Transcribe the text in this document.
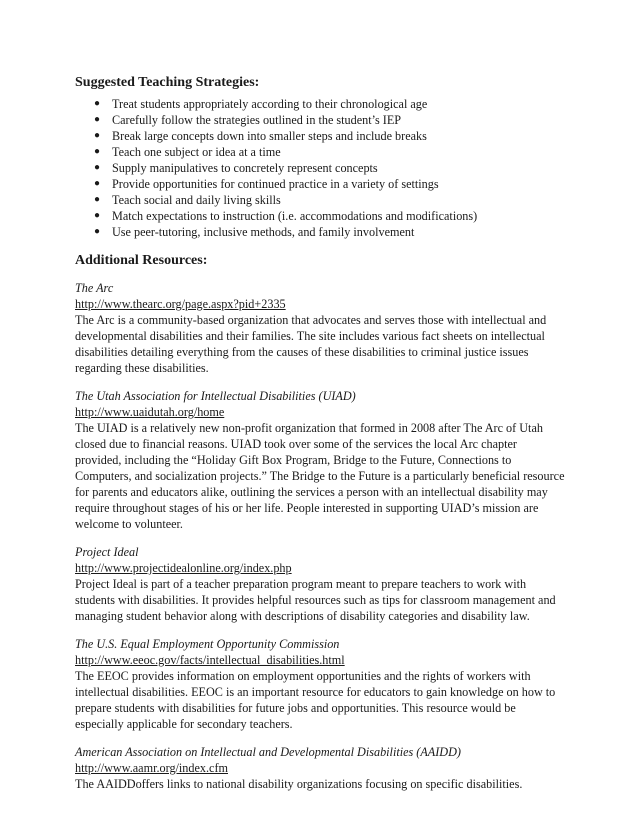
Suggested Teaching Strategies:
● Treat students appropriately according to their chronological age
● Carefully follow the strategies outlined in the student’s IEP
● Break large concepts down into smaller steps and include breaks
● Teach one subject or idea at a time
● Supply manipulatives to concretely represent concepts
● Provide opportunities for continued practice in a variety of settings
● Teach social and daily living skills
● Match expectations to instruction (i.e. accommodations and modifications)
● Use peer-tutoring, inclusive methods, and family involvement
Additional Resources:
The Arc
http://www.thearc.org/page.aspx?pid+2335
The Arc is a community-based organization that advocates and serves those with intellectual and
developmental disabilities and their families. The site includes various fact sheets on intellectual
disabilities detailing everything from the causes of these disabilities to criminal justice issues
regarding these disabilities.
The Utah Association for Intellectual Disabilities (UIAD)
http://www.uaidutah.org/home
The UIAD is a relatively new non-profit organization that formed in 2008 after The Arc of Utah
closed due to financial reasons. UIAD took over some of the services the local Arc chapter
provided, including the “Holiday Gift Box Program, Bridge to the Future, Connections to
Computers, and socialization projects.” The Bridge to the Future is a particularly beneficial resource
for parents and educators alike, outlining the services a person with an intellectual disability may
require throughout stages of his or her life. People interested in supporting UIAD’s mission are
welcome to volunteer.
Project Ideal
http://www.projectidealonline.org/index.php
Project Ideal is part of a teacher preparation program meant to prepare teachers to work with
students with disabilities. It provides helpful resources such as tips for classroom management and
managing student behavior along with descriptions of disability categories and disability law.
The U.S. Equal Employment Opportunity Commission
http://www.eeoc.gov/facts/intellectual_disabilities.html
The EEOC provides information on employment opportunities and the rights of workers with
intellectual disabilities. EEOC is an important resource for educators to gain knowledge on how to
prepare students with disabilities for future jobs and opportunities. This resource would be
especially applicable for secondary teachers.
American Association on Intellectual and Developmental Disabilities (AAIDD)
http://www.aamr.org/index.cfm
The AAIDDoffers links to national disability organizations focusing on specific disabilities.
